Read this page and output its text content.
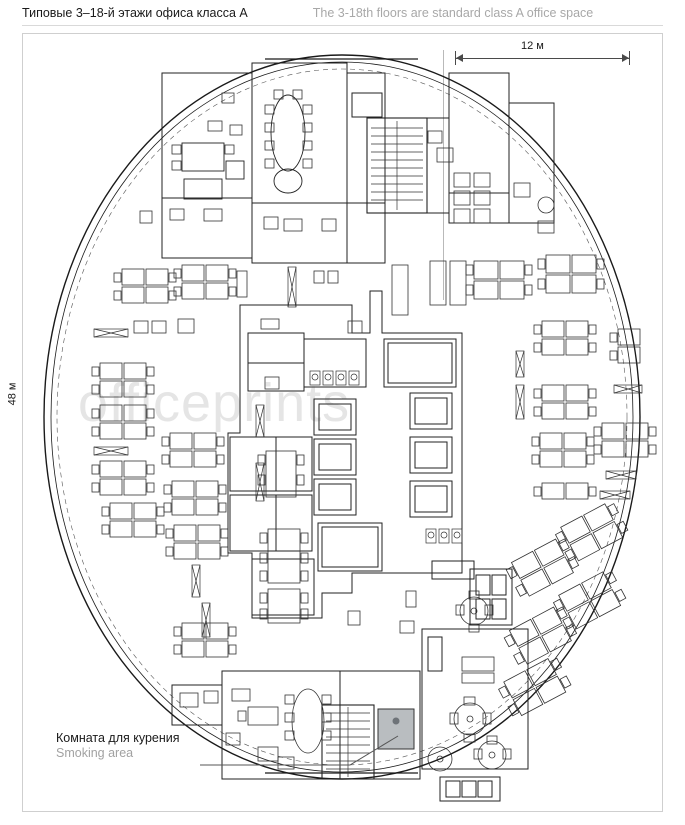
Типовые 3–18-й этажи офиса класса А	The 3-18th floors are standard class A office space
12 м
48 м officeprints
Комната для курения
Smoking area
